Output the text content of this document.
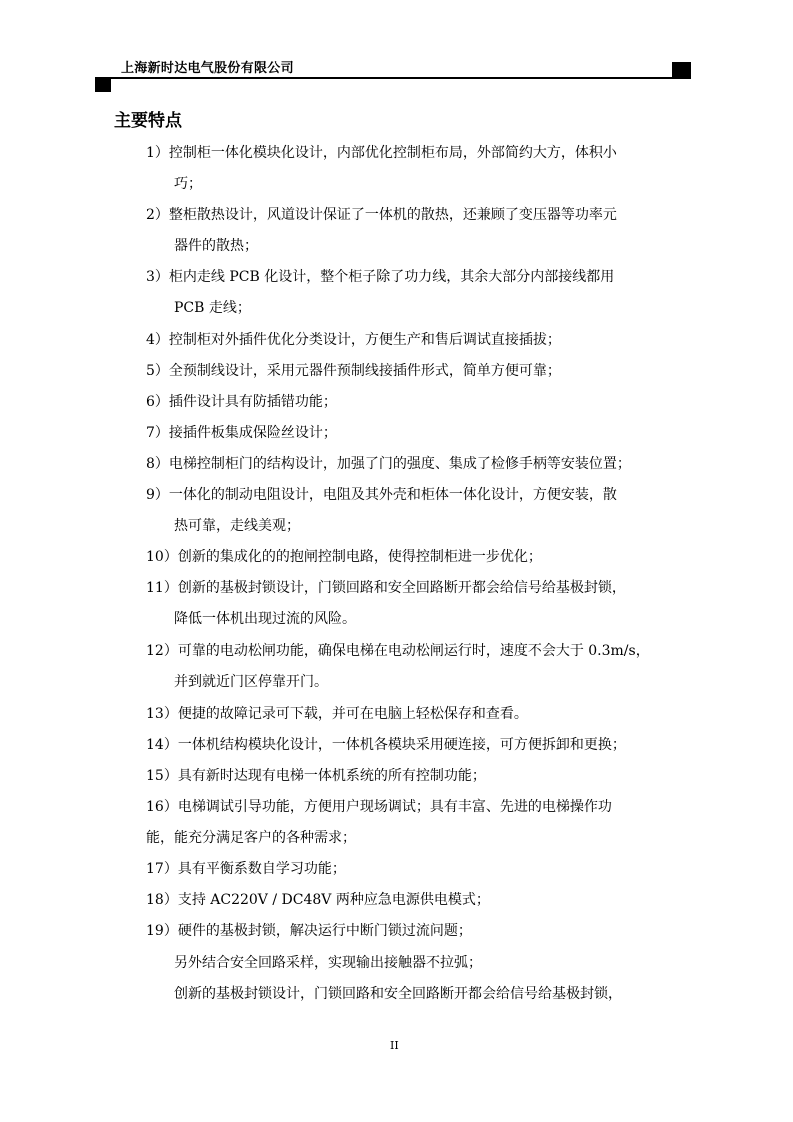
上海新时达电气股份有限公司
主要特点
1）控制柜一体化模块化设计，内部优化控制柜布局，外部简约大方，体积小
巧；
2）整柜散热设计，风道设计保证了一体机的散热，还兼顾了变压器等功率元
器件的散热；
3）柜内走线 PCB 化设计，整个柜子除了功力线，其余大部分内部接线都用
PCB 走线；
4）控制柜对外插件优化分类设计，方便生产和售后调试直接插拔；
5）全预制线设计，采用元器件预制线接插件形式，简单方便可靠；
6）插件设计具有防插错功能；
7）接插件板集成保险丝设计；
8）电梯控制柜门的结构设计，加强了门的强度、集成了检修手柄等安装位置；
9）一体化的制动电阻设计，电阻及其外壳和柜体一体化设计，方便安装，散
热可靠，走线美观；
10）创新的集成化的的抱闸控制电路，使得控制柜进一步优化；
11）创新的基极封锁设计，门锁回路和安全回路断开都会给信号给基极封锁，
降低一体机出现过流的风险。
12）可靠的电动松闸功能，确保电梯在电动松闸运行时，速度不会大于 0.3m/s，
并到就近门区停靠开门。
13）便捷的故障记录可下载，并可在电脑上轻松保存和查看。
14）一体机结构模块化设计，一体机各模块采用硬连接，可方便拆卸和更换；
15）具有新时达现有电梯一体机系统的所有控制功能；
16）电梯调试引导功能，方便用户现场调试；具有丰富、先进的电梯操作功
能，能充分满足客户的各种需求；
17）具有平衡系数自学习功能；
18）支持 AC220V / DC48V 两种应急电源供电模式；
19）硬件的基极封锁，解决运行中断门锁过流问题；
另外结合安全回路采样，实现输出接触器不拉弧；
创新的基极封锁设计，门锁回路和安全回路断开都会给信号给基极封锁，
II
